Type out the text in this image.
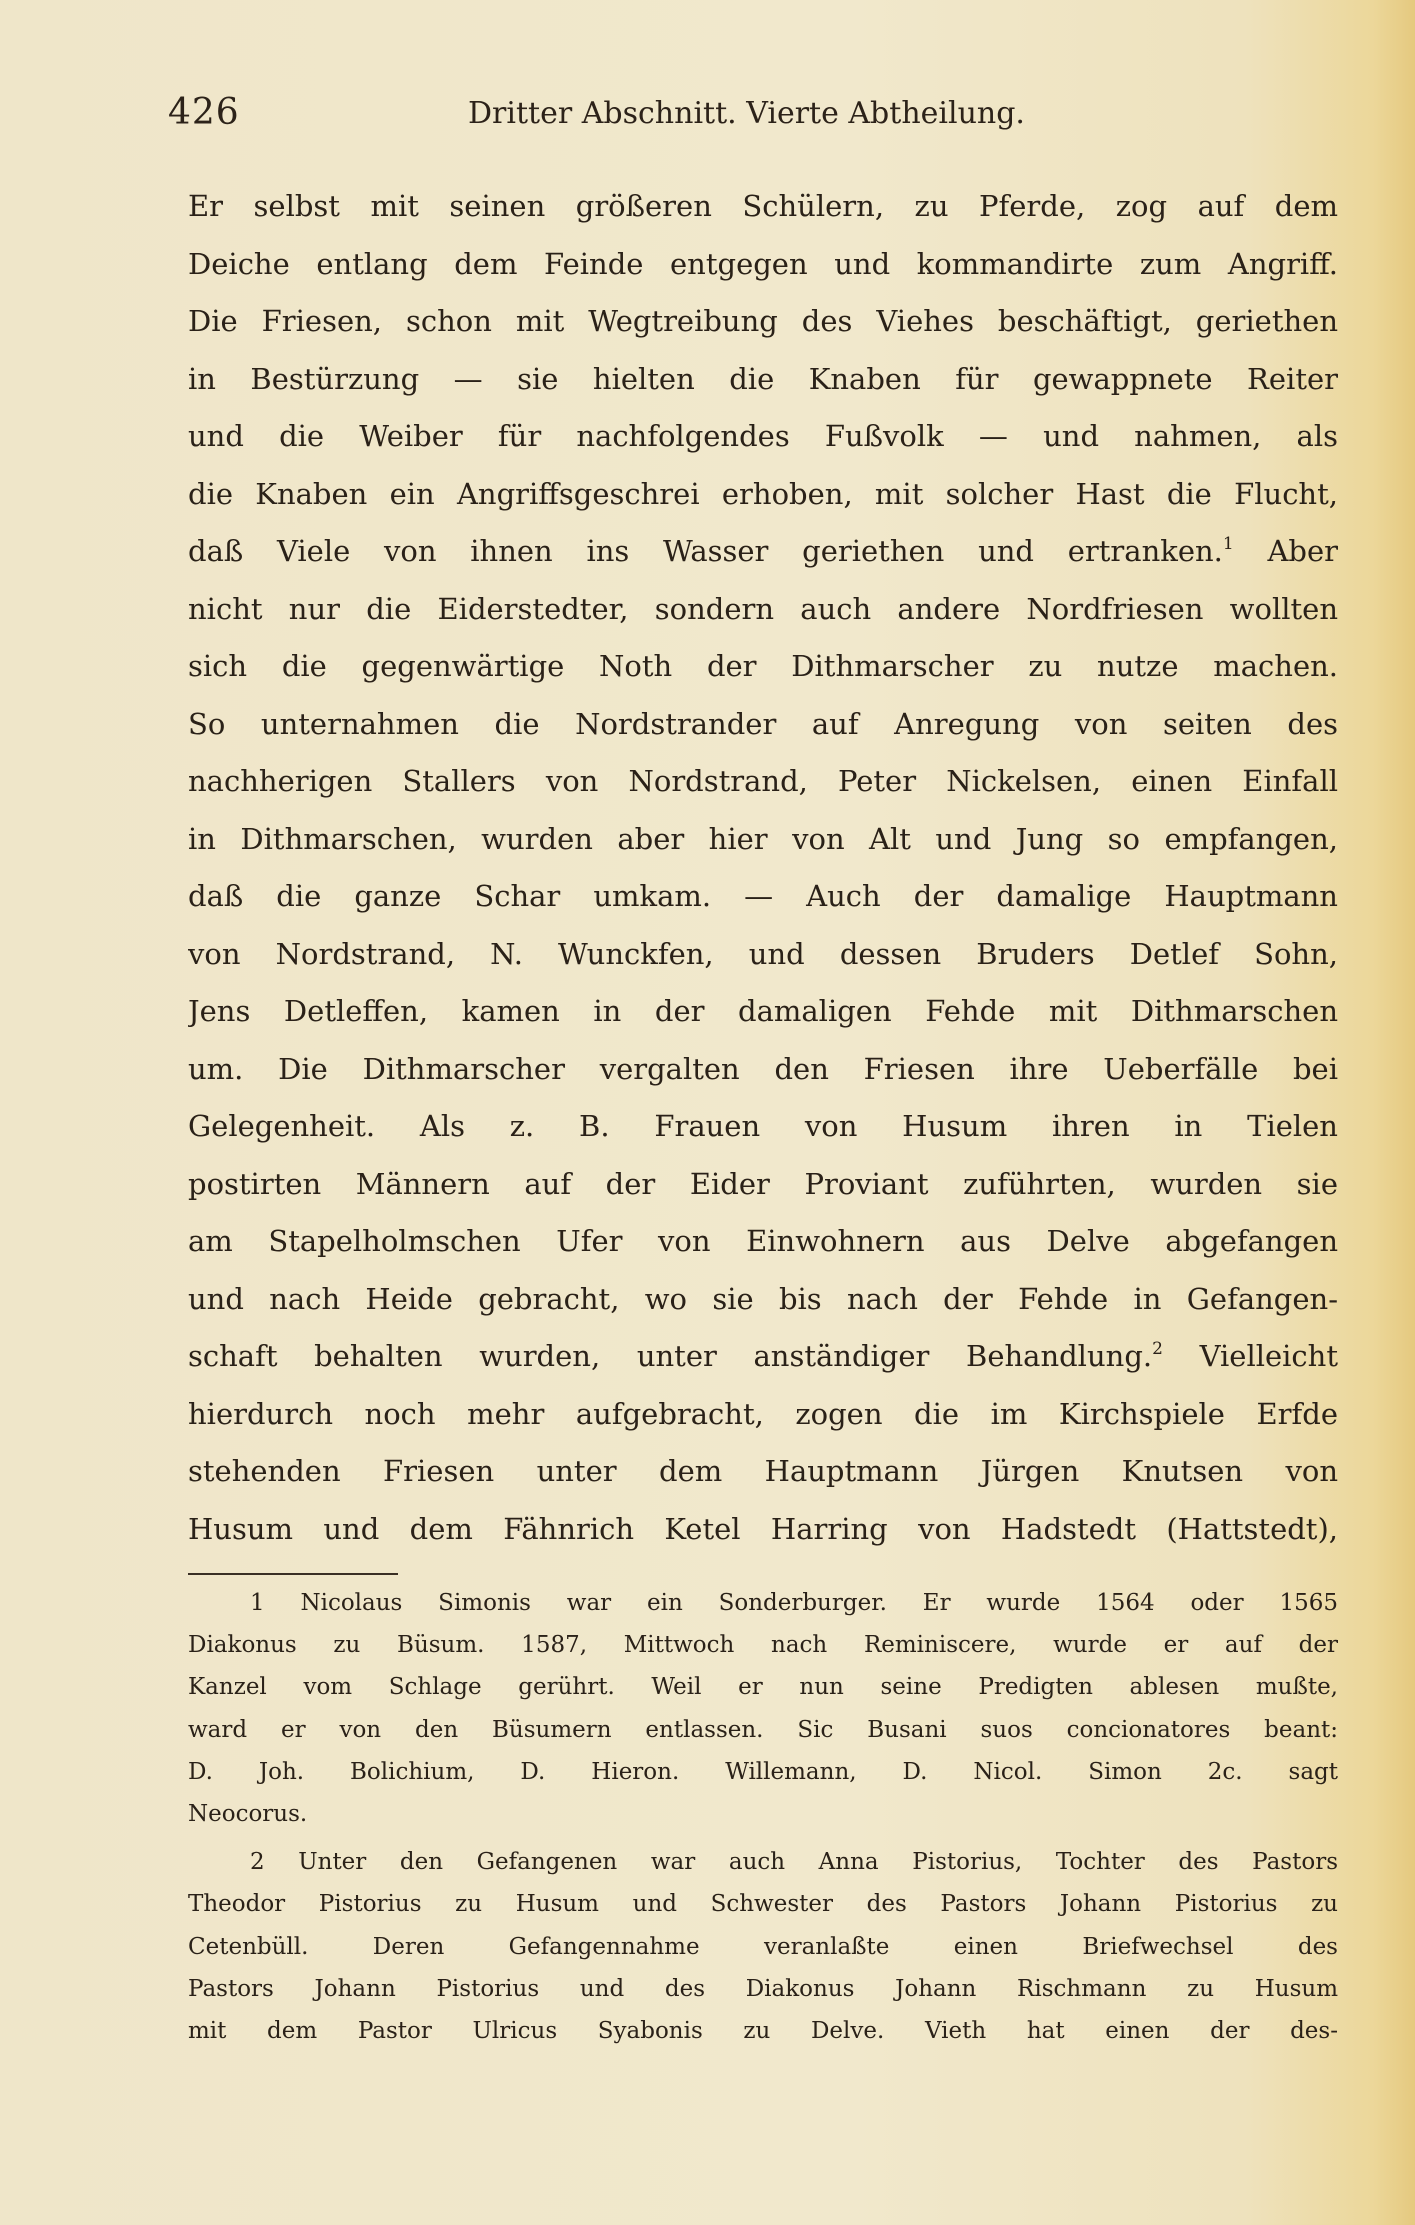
426	Dritter Abschnitt. Vierte Abtheilung.
Er selbst mit seinen größeren Schülern, zu Pferde, zog auf dem
Deiche entlang dem Feinde entgegen und kommandirte zum Angriff.
Die Friesen, schon mit Wegtreibung des Viehes beschäftigt, geriethen
in Bestürzung — sie hielten die Knaben für gewappnete Reiter
und die Weiber für nachfolgendes Fußvolk — und nahmen, als
die Knaben ein Angriffsgeschrei erhoben, mit solcher Hast die Flucht,
daß Viele von ihnen ins Wasser geriethen und ertranken.$^1$ Aber
nicht nur die Eiderstedter, sondern auch andere Nordfriesen wollten
sich die gegenwärtige Noth der Dithmarscher zu nutze machen.
So unternahmen die Nordstrander auf Anregung von seiten des
nachherigen Stallers von Nordstrand, Peter Nickelsen, einen Einfall
in Dithmarschen, wurden aber hier von Alt und Jung so empfangen,
daß die ganze Schar umkam. — Auch der damalige Hauptmann
von Nordstrand, N. Wunckfen, und dessen Bruders Detlef Sohn,
Jens Detleffen, kamen in der damaligen Fehde mit Dithmarschen
um. Die Dithmarscher vergalten den Friesen ihre Ueberfälle bei
Gelegenheit. Als z. B. Frauen von Husum ihren in Tielen
postirten Männern auf der Eider Proviant zuführten, wurden sie
am Stapelholmschen Ufer von Einwohnern aus Delve abgefangen
und nach Heide gebracht, wo sie bis nach der Fehde in Gefangen-
schaft behalten wurden, unter anständiger Behandlung.$^2$ Vielleicht
hierdurch noch mehr aufgebracht, zogen die im Kirchspiele Erfde
stehenden Friesen unter dem Hauptmann Jürgen Knutsen von
Husum und dem Fähnrich Ketel Harring von Hadstedt (Hattstedt),
1 Nicolaus Simonis war ein Sonderburger. Er wurde 1564 oder 1565
Diakonus zu Büsum. 1587, Mittwoch nach Reminiscere, wurde er auf der
Kanzel vom Schlage gerührt. Weil er nun seine Predigten ablesen mußte,
ward er von den Büsumern entlassen. Sic Busani suos concionatores beant:
D. Joh. Bolichium, D. Hieron. Willemann, D. Nicol. Simon 2c. sagt
Neocorus.
2 Unter den Gefangenen war auch Anna Pistorius, Tochter des Pastors
Theodor Pistorius zu Husum und Schwester des Pastors Johann Pistorius zu
Cetenbüll. Deren Gefangennahme veranlaßte einen Briefwechsel des
Pastors Johann Pistorius und des Diakonus Johann Rischmann zu Husum
mit dem Pastor Ulricus Syabonis zu Delve. Vieth hat einen der des-
